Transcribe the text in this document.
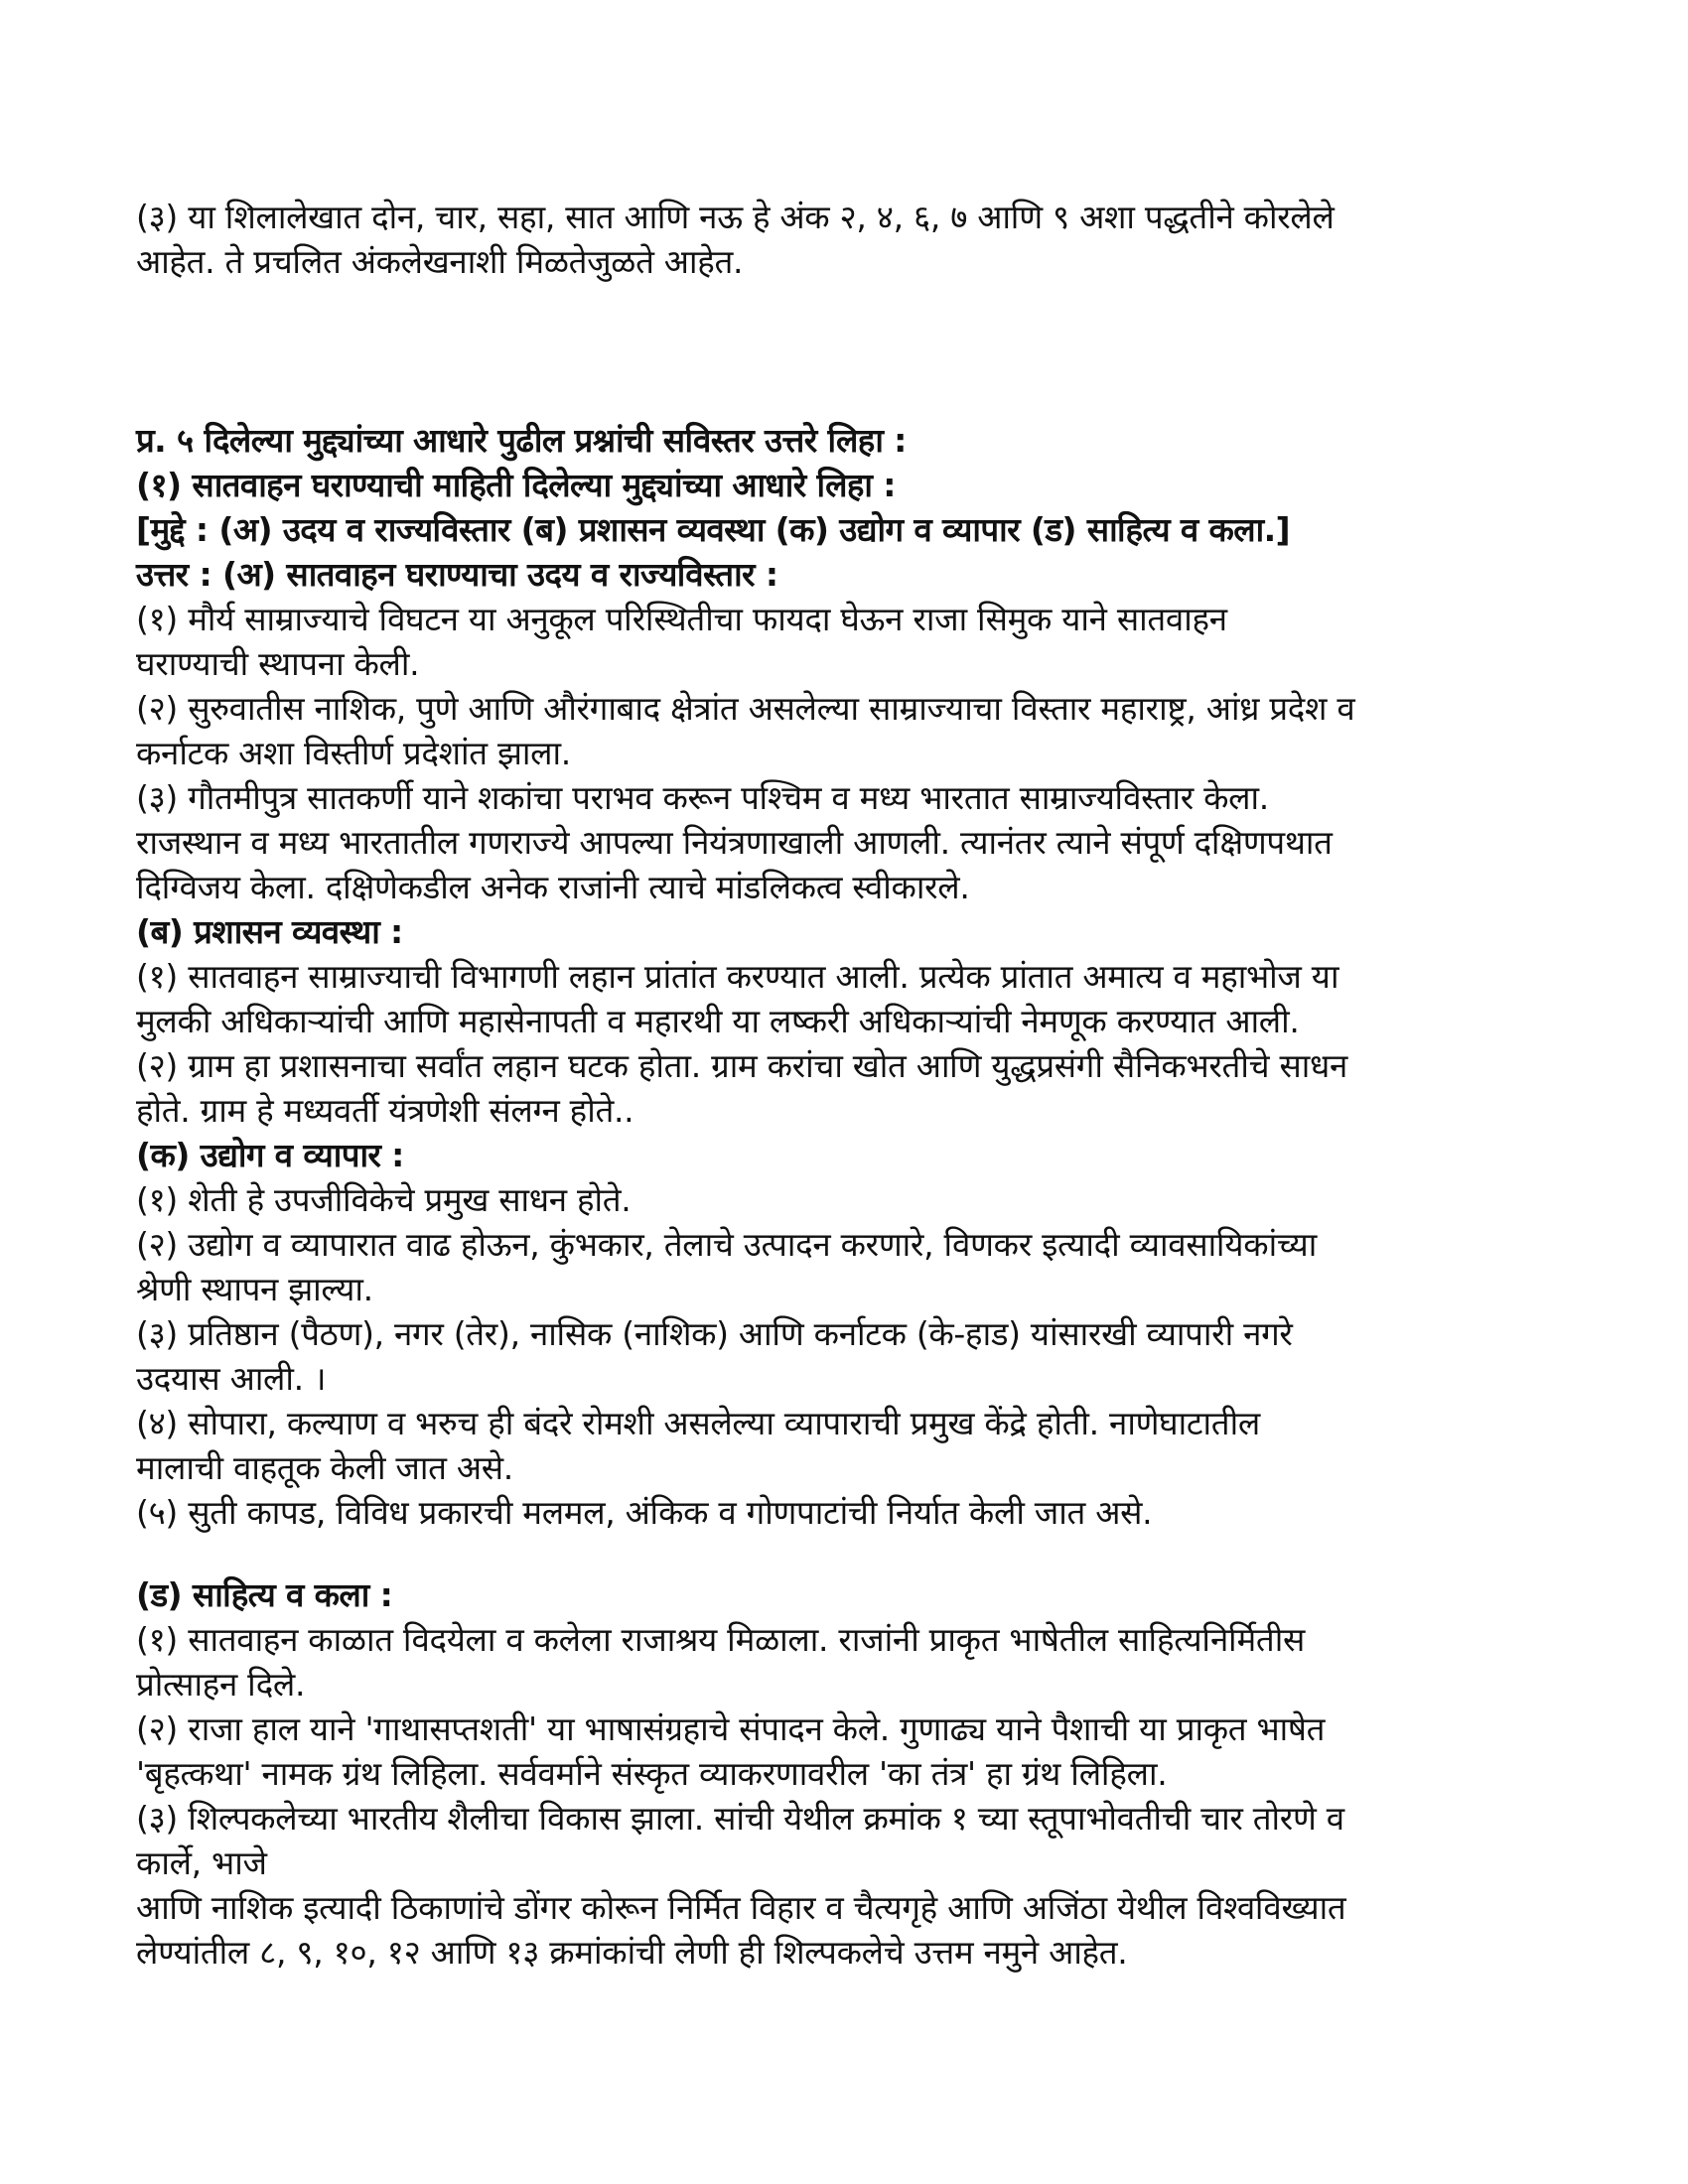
(३) या शिलालेखात दोन, चार, सहा, सात आणि नऊ हे अंक २, ४, ६, ७ आणि ९ अशा पद्धतीने कोरलेले
आहेत. ते प्रचलित अंकलेखनाशी मिळतेजुळते आहेत.
प्र. ५ दिलेल्या मुद्द्यांच्या आधारे पुढील प्रश्नांची सविस्तर उत्तरे लिहा :
(१) सातवाहन घराण्याची माहिती दिलेल्या मुद्द्यांच्या आधारे लिहा :
[मुद्दे : (अ) उदय व राज्यविस्तार (ब) प्रशासन व्यवस्था (क) उद्योग व व्यापार (ड) साहित्य व कला.]
उत्तर : (अ) सातवाहन घराण्याचा उदय व राज्यविस्तार :
(१) मौर्य साम्राज्याचे विघटन या अनुकूल परिस्थितीचा फायदा घेऊन राजा सिमुक याने सातवाहन
घराण्याची स्थापना केली.
(२) सुरुवातीस नाशिक, पुणे आणि औरंगाबाद क्षेत्रांत असलेल्या साम्राज्याचा विस्तार महाराष्ट्र, आंध्र प्रदेश व
कर्नाटक अशा विस्तीर्ण प्रदेशांत झाला.
(३) गौतमीपुत्र सातकर्णी याने शकांचा पराभव करून पश्चिम व मध्य भारतात साम्राज्यविस्तार केला.
राजस्थान व मध्य भारतातील गणराज्ये आपल्या नियंत्रणाखाली आणली. त्यानंतर त्याने संपूर्ण दक्षिणपथात
दिग्विजय केला. दक्षिणेकडील अनेक राजांनी त्याचे मांडलिकत्व स्वीकारले.
(ब) प्रशासन व्यवस्था :
(१) सातवाहन साम्राज्याची विभागणी लहान प्रांतांत करण्यात आली. प्रत्येक प्रांतात अमात्य व महाभोज या
मुलकी अधिकाऱ्यांची आणि महासेनापती व महारथी या लष्करी अधिकाऱ्यांची नेमणूक करण्यात आली.
(२) ग्राम हा प्रशासनाचा सर्वांत लहान घटक होता. ग्राम करांचा खोत आणि युद्धप्रसंगी सैनिकभरतीचे साधन
होते. ग्राम हे मध्यवर्ती यंत्रणेशी संलग्न होते..
(क) उद्योग व व्यापार :
(१) शेती हे उपजीविकेचे प्रमुख साधन होते.
(२) उद्योग व व्यापारात वाढ होऊन, कुंभकार, तेलाचे उत्पादन करणारे, विणकर इत्यादी व्यावसायिकांच्या
श्रेणी स्थापन झाल्या.
(३) प्रतिष्ठान (पैठण), नगर (तेर), नासिक (नाशिक) आणि कर्नाटक (के-हाड) यांसारखी व्यापारी नगरे
उदयास आली. ।
(४) सोपारा, कल्याण व भरुच ही बंदरे रोमशी असलेल्या व्यापाराची प्रमुख केंद्रे होती. नाणेघाटातील
मालाची वाहतूक केली जात असे.
(५) सुती कापड, विविध प्रकारची मलमल, अंकिक व गोणपाटांची निर्यात केली जात असे.
(ड) साहित्य व कला :
(१) सातवाहन काळात विदयेला व कलेला राजाश्रय मिळाला. राजांनी प्राकृत भाषेतील साहित्यनिर्मितीस
प्रोत्साहन दिले.
(२) राजा हाल याने 'गाथासप्तशती' या भाषासंग्रहाचे संपादन केले. गुणाढ्य याने पैशाची या प्राकृत भाषेत
'बृहत्कथा' नामक ग्रंथ लिहिला. सर्ववर्माने संस्कृत व्याकरणावरील 'का तंत्र' हा ग्रंथ लिहिला.
(३) शिल्पकलेच्या भारतीय शैलीचा विकास झाला. सांची येथील क्रमांक १ च्या स्तूपाभोवतीची चार तोरणे व
कार्ले, भाजे
आणि नाशिक इत्यादी ठिकाणांचे डोंगर कोरून निर्मित विहार व चैत्यगृहे आणि अजिंठा येथील विश्वविख्यात
लेण्यांतील ८, ९, १०, १२ आणि १३ क्रमांकांची लेणी ही शिल्पकलेचे उत्तम नमुने आहेत.
